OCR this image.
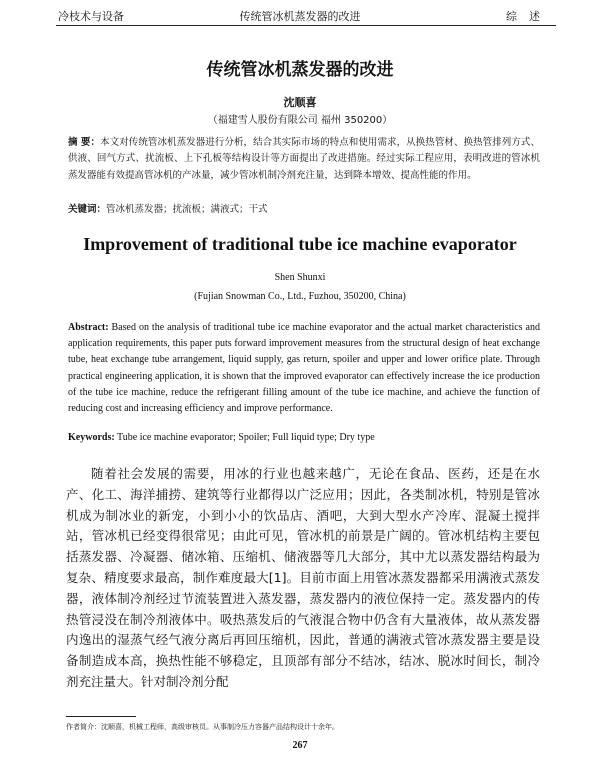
冷枝术与设备	传统管冰机蒸发器的改进	综述
传统管冰机蒸发器的改进
沈顺喜
（福建雪人股份有限公司 福州 350200）
摘 要：本文对传统管冰机蒸发器进行分析，结合其实际市场的特点和使用需求，从换热管材、换热管排列方式、供液、回气方式、扰流板、上下孔板等结构设计等方面提出了改进措施。经过实际工程应用，表明改进的管冰机蒸发器能有效提高管冰机的产冰量，减少管冰机制冷剂充注量，达到降本增效、提高性能的作用。
关键词：管冰机蒸发器；扰流板；满液式；干式
Improvement of traditional tube ice machine evaporator
Shen Shunxi
(Fujian Snowman Co., Ltd., Fuzhou, 350200, China)
Abstract: Based on the analysis of traditional tube ice machine evaporator and the actual market characteristics and application requirements, this paper puts forward improvement measures from the structural design of heat exchange tube, heat exchange tube arrangement, liquid supply, gas return, spoiler and upper and lower orifice plate. Through practical engineering application, it is shown that the improved evaporator can effectively increase the ice production of the tube ice machine, reduce the refrigerant filling amount of the tube ice machine, and achieve the function of reducing cost and increasing efficiency and improve performance.
Keywords: Tube ice machine evaporator; Spoiler; Full liquid type; Dry type
随着社会发展的需要，用冰的行业也越来越广，无论在食品、医药，还是在水产、化工、海洋捕捞、建筑等行业都得以广泛应用；因此，各类制冰机，特别是管冰机成为制冰业的新宠，小到小小的饮品店、酒吧，大到大型水产冷库、混凝土搅拌站，管冰机已经变得很常见；由此可见，管冰机的前景是广阔的。管冰机结构主要包括蒸发器、冷凝器、储冰箱、压缩机、储液器等几大部分，其中尤以蒸发器结构最为复杂、精度要求最高，制作难度最大[1]。目前市面上用管冰蒸发器都采用满液式蒸发器，液体制冷剂经过节流装置进入蒸发器，蒸发器内的液位保持一定。蒸发器内的传热管浸没在制冷剂液体中。吸热蒸发后的气液混合物中仍含有大量液体，故从蒸发器内逸出的湿蒸气经气液分离后再回压缩机，因此，普通的满液式管冰蒸发器主要是设备制造成本高，换热性能不够稳定，且顶部有部分不结冰，结冰、脱冰时间长，制冷剂充注量大。针对制冷剂分配
作者简介：沈顺喜，机械工程师，高级审核员。从事制冷压力容器产品结构设计十余年。
267
